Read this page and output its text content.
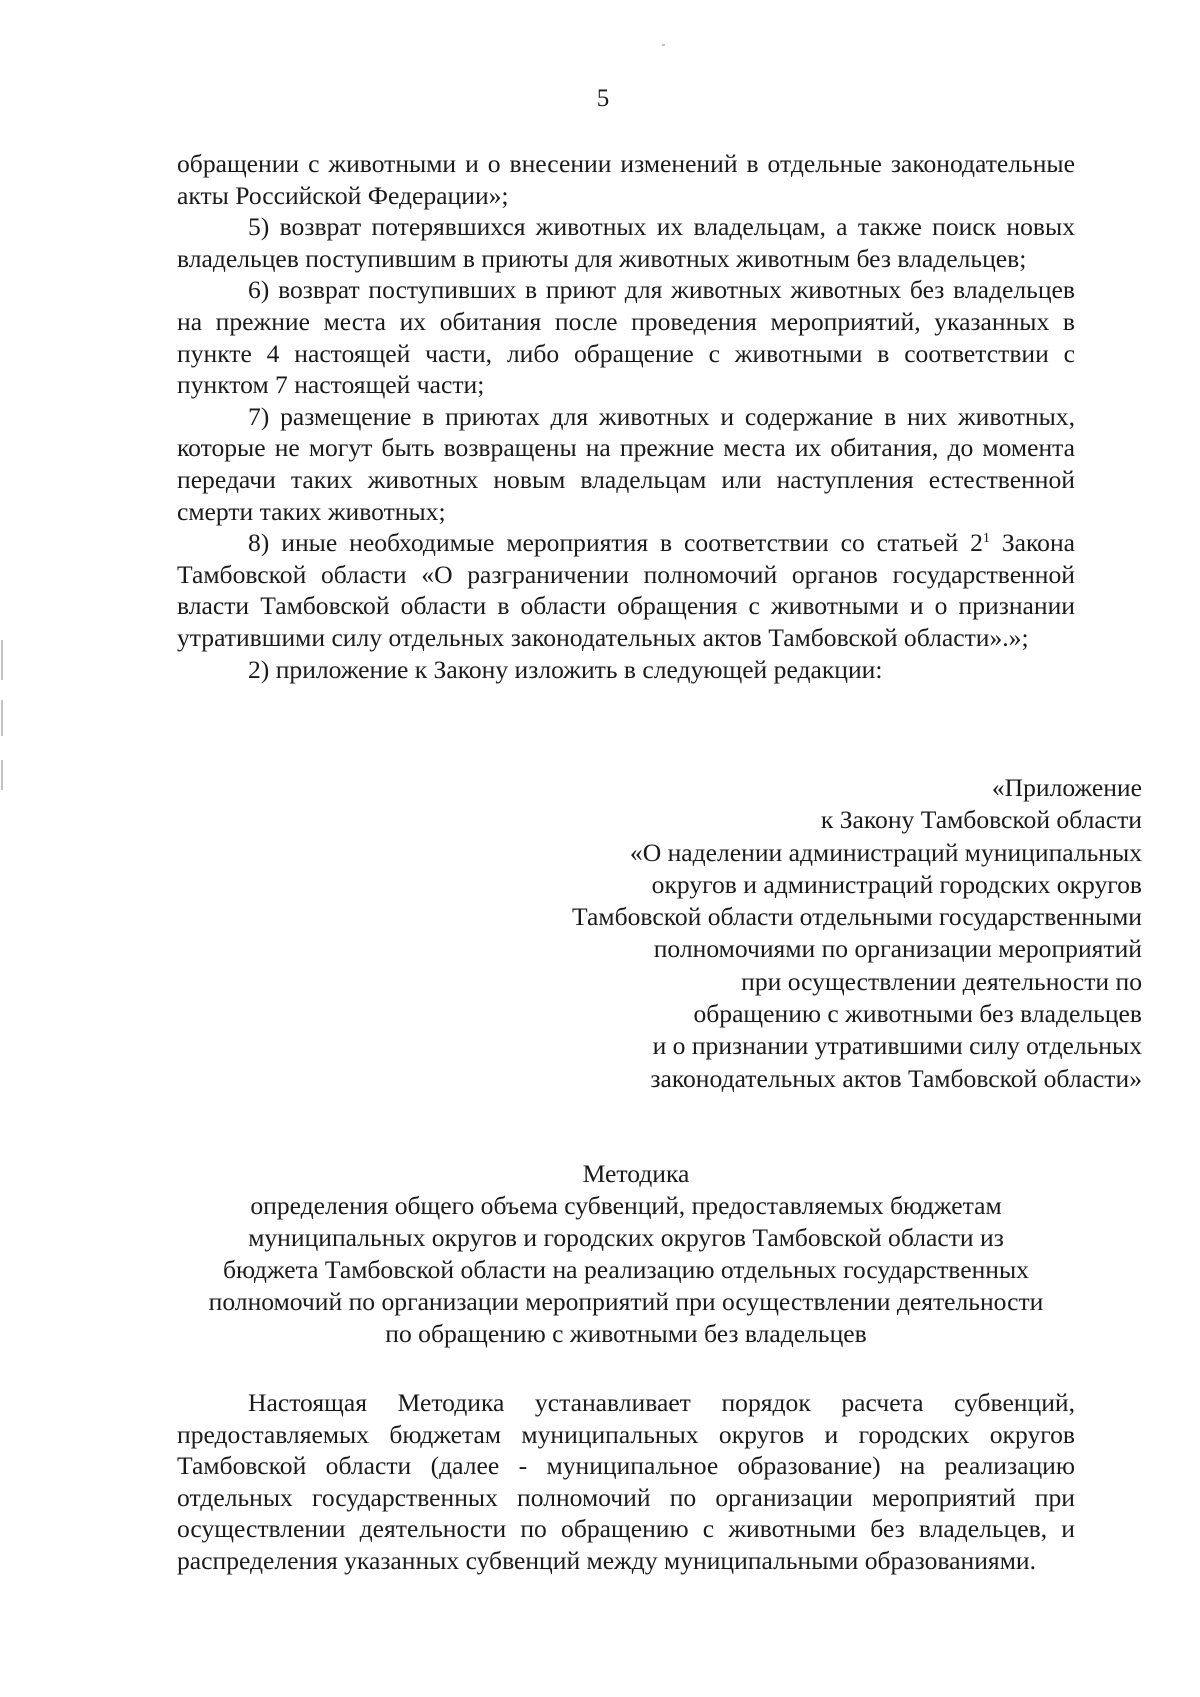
5

обращении с животными и о внесении изменений в отдельные законодательные акты Российской Федерации»;

5) возврат потерявшихся животных их владельцам, а также поиск новых владельцев поступившим в приюты для животных животным без владельцев;

6) возврат поступивших в приют для животных животных без владельцев на прежние места их обитания после проведения мероприятий, указанных в пункте 4 настоящей части, либо обращение с животными в соответствии с пунктом 7 настоящей части;

7) размещение в приютах для животных и содержание в них животных, которые не могут быть возвращены на прежние места их обитания, до момента передачи таких животных новым владельцам или наступления естественной смерти таких животных;

8) иные необходимые мероприятия в соответствии со статьей $2^1$ Закона Тамбовской области «О разграничении полномочий органов государственной власти Тамбовской области в области обращения с животными и о признании утратившими силу отдельных законодательных актов Тамбовской области».»;

2) приложение к Закону изложить в следующей редакции:

«Приложение
к Закону Тамбовской области
«О наделении администраций муниципальных
округов и администраций городских округов
Тамбовской области отдельными государственными
полномочиями по организации мероприятий
при осуществлении деятельности по
обращению с животными без владельцев
и о признании утратившими силу отдельных
законодательных актов Тамбовской области»
Методика
определения общего объема субвенций, предоставляемых бюджетам
муниципальных округов и городских округов Тамбовской области из
бюджета Тамбовской области на реализацию отдельных государственных
полномочий по организации мероприятий при осуществлении деятельности
по обращению с животными без владельцев

Настоящая Методика устанавливает порядок расчета субвенций, предоставляемых бюджетам муниципальных округов и городских округов Тамбовской области (далее - муниципальное образование) на реализацию отдельных государственных полномочий по организации мероприятий при осуществлении деятельности по обращению с животными без владельцев, и распределения указанных субвенций между муниципальными образованиями.
